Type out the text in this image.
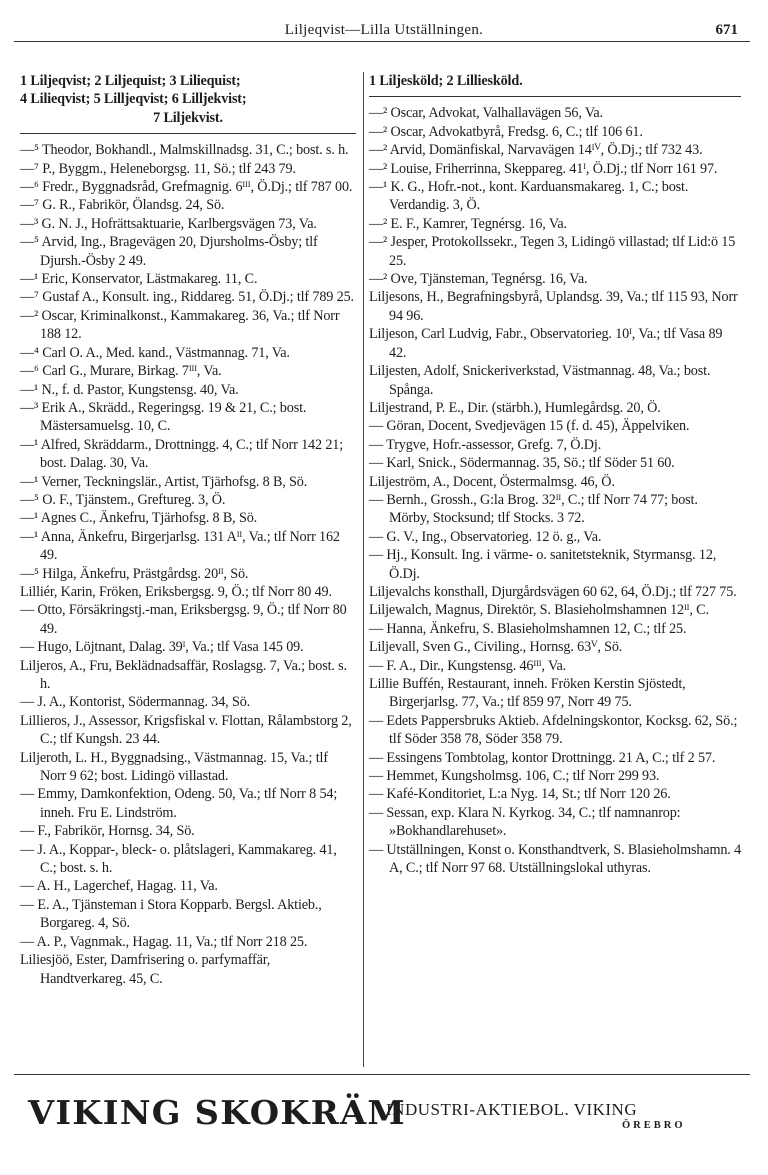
Liljeqvist—Lilla Utställningen.	671
1 Liljeqvist; 2 Liljequist; 3 Liliequist;
4 Liliеqvist; 5 Lilljeqvist; 6 Lilljekvist;
7 Liljekvist.
—⁵ Theodor, Bokhandl., Malmskillnadsg. 31, C.; bost. s. h.
—⁷ P., Byggm., Heleneborgsg. 11, Sö.; tlf 243 79.
—⁶ Fredr., Byggnadsråd, Grefmagnig. 6ᴵᴵᴵ, Ö.Dj.; tlf 787 00.
—⁷ G. R., Fabrikör, Ölandsg. 24, Sö.
—³ G. N. J., Hofrättsaktuarie, Karlbergsvägen 73, Va.
—⁵ Arvid, Ing., Bragevägen 20, Djursholms-Ösby; tlf Djursh.-Ösby 2 49.
—¹ Eric, Konservator, Lästmakareg. 11, C.
—⁷ Gustaf A., Konsult. ing., Riddareg. 51, Ö.Dj.; tlf 789 25.
—² Oscar, Kriminalkonst., Kammakareg. 36, Va.; tlf Norr 188 12.
—⁴ Carl O. A., Med. kand., Västmannag. 71, Va.
—⁶ Carl G., Murare, Birkag. 7ᴵᴵᴵ, Va.
—¹ N., f. d. Pastor, Kungstensg. 40, Va.
—³ Erik A., Skrädd., Regeringsg. 19 & 21, C.; bost. Mästersamuelsg. 10, C.
—¹ Alfred, Skräddarm., Drottningg. 4, C.; tlf Norr 142 21; bost. Dalag. 30, Va.
—¹ Verner, Teckningslär., Artist, Tjärhofsg. 8 B, Sö.
—⁵ O. F., Tjänstem., Greftureg. 3, Ö.
—¹ Agnes C., Änkefru, Tjärhofsg. 8 B, Sö.
—¹ Anna, Änkefru, Birgerjarlsg. 131 Aᴵᴵ, Va.; tlf Norr 162 49.
—⁵ Hilga, Änkefru, Prästgårdsg. 20ᴵᴵ, Sö.
Lilliér, Karin, Fröken, Eriksbergsg. 9, Ö.; tlf Norr 80 49.
— Otto, Försäkringstj.-man, Eriksbergsg. 9, Ö.; tlf Norr 80 49.
— Hugo, Löjtnant, Dalag. 39ᴵ, Va.; tlf Vasa 145 09.
Liljeros, A., Fru, Beklädnadsaffär, Roslagsg. 7, Va.; bost. s. h.
— J. A., Kontorist, Södermannag. 34, Sö.
Lillieros, J., Assessor, Krigsfiskal v. Flottan, Rålambstorg 2, C.; tlf Kungsh. 23 44.
Liljeroth, L. H., Byggnadsing., Västmannag. 15, Va.; tlf Norr 9 62; bost. Lidingö villastad.
— Emmy, Damkonfektion, Odeng. 50, Va.; tlf Norr 8 54; inneh. Fru E. Lindström.
— F., Fabrikör, Hornsg. 34, Sö.
— J. A., Koppar-, bleck- o. plåtslageri, Kammakareg. 41, C.; bost. s. h.
— A. H., Lagerchef, Hagag. 11, Va.
— E. A., Tjänsteman i Stora Kopparb. Bergsl. Aktieb., Borgareg. 4, Sö.
— A. P., Vagnmak., Hagag. 11, Va.; tlf Norr 218 25.
Liliesjöö, Ester, Damfrisering o. parfymaffär, Handtverkareg. 45, C.
1 Liljesköld; 2 Lilliesköld.
—² Oscar, Advokat, Valhallavägen 56, Va.
—² Oscar, Advokatbyrå, Fredsg. 6, C.; tlf 106 61.
—² Arvid, Domänfiskal, Narvavägen 14ᴵⱽ, Ö.Dj.; tlf 732 43.
—² Louise, Friherrinna, Skeppareg. 41ᴵ, Ö.Dj.; tlf Norr 161 97.
—¹ K. G., Hofr.-not., kont. Karduansmakareg. 1, C.; bost. Verdandig. 3, Ö.
—² E. F., Kamrer, Tegnérsg. 16, Va.
—² Jesper, Protokollssekr., Tegen 3, Lidingö villastad; tlf Lid:ö 15 25.
—² Ove, Tjänsteman, Tegnérsg. 16, Va.
Liljesons, H., Begrafningsbyrå, Uplandsg. 39, Va.; tlf 115 93, Norr 94 96.
Liljeson, Carl Ludvig, Fabr., Observatorieg. 10ᴵ, Va.; tlf Vasa 89 42.
Liljesten, Adolf, Snickeriverkstad, Västmannag. 48, Va.; bost. Spånga.
Liljestrand, P. E., Dir. (stärbh.), Humlegårdsg. 20, Ö.
— Göran, Docent, Svedjevägen 15 (f. d. 45), Äppelviken.
— Trygve, Hofr.-assessor, Grefg. 7, Ö.Dj.
— Karl, Snick., Södermannag. 35, Sö.; tlf Söder 51 60.
Liljeström, A., Docent, Östermalmsg. 46, Ö.
— Bernh., Grossh., G:la Brog. 32ᴵᴵ, C.; tlf Norr 74 77; bost. Mörby, Stocksund; tlf Stocks. 3 72.
— G. V., Ing., Observatorieg. 12 ö. g., Va.
— Hj., Konsult. Ing. i värme- o. sanitetsteknik, Styrmansg. 12, Ö.Dj.
Liljevalchs konsthall, Djurgårdsvägen 60 62, 64, Ö.Dj.; tlf 727 75.
Liljewalch, Magnus, Direktör, S. Blasieholmshamnen 12ᴵᴵ, C.
— Hanna, Änkefru, S. Blasieholmshamnen 12, C.; tlf 25.
Liljevall, Sven G., Civiling., Hornsg. 63ⱽ, Sö.
— F. A., Dir., Kungstensg. 46ᴵᴵᴵ, Va.
Lillie Buffén, Restaurant, inneh. Fröken Kerstin Sjöstedt, Birgerjarlsg. 77, Va.; tlf 859 97, Norr 49 75.
— Edets Pappersbruks Aktieb. Afdelningskontor, Kocksg. 62, Sö.; tlf Söder 358 78, Söder 358 79.
— Essingens Tombtolag, kontor Drottningg. 21 A, C.; tlf 2 57.
— Hemmet, Kungsholmsg. 106, C.; tlf Norr 299 93.
— Kafé-Konditoriet, L:a Nyg. 14, St.; tlf Norr 120 26.
— Sessan, exp. Klara N. Kyrkog. 34, C.; tlf namnanrop: »Bokhandlarehuset».
— Utställningen, Konst o. Konsthandtverk, S. Blasieholmshamn. 4 A, C.; tlf Norr 97 68. Utställningslokal uthyras.
VIKING SKOKRÄM
INDUSTRI-AKTIEBOL. VIKING
ÖREBRO
